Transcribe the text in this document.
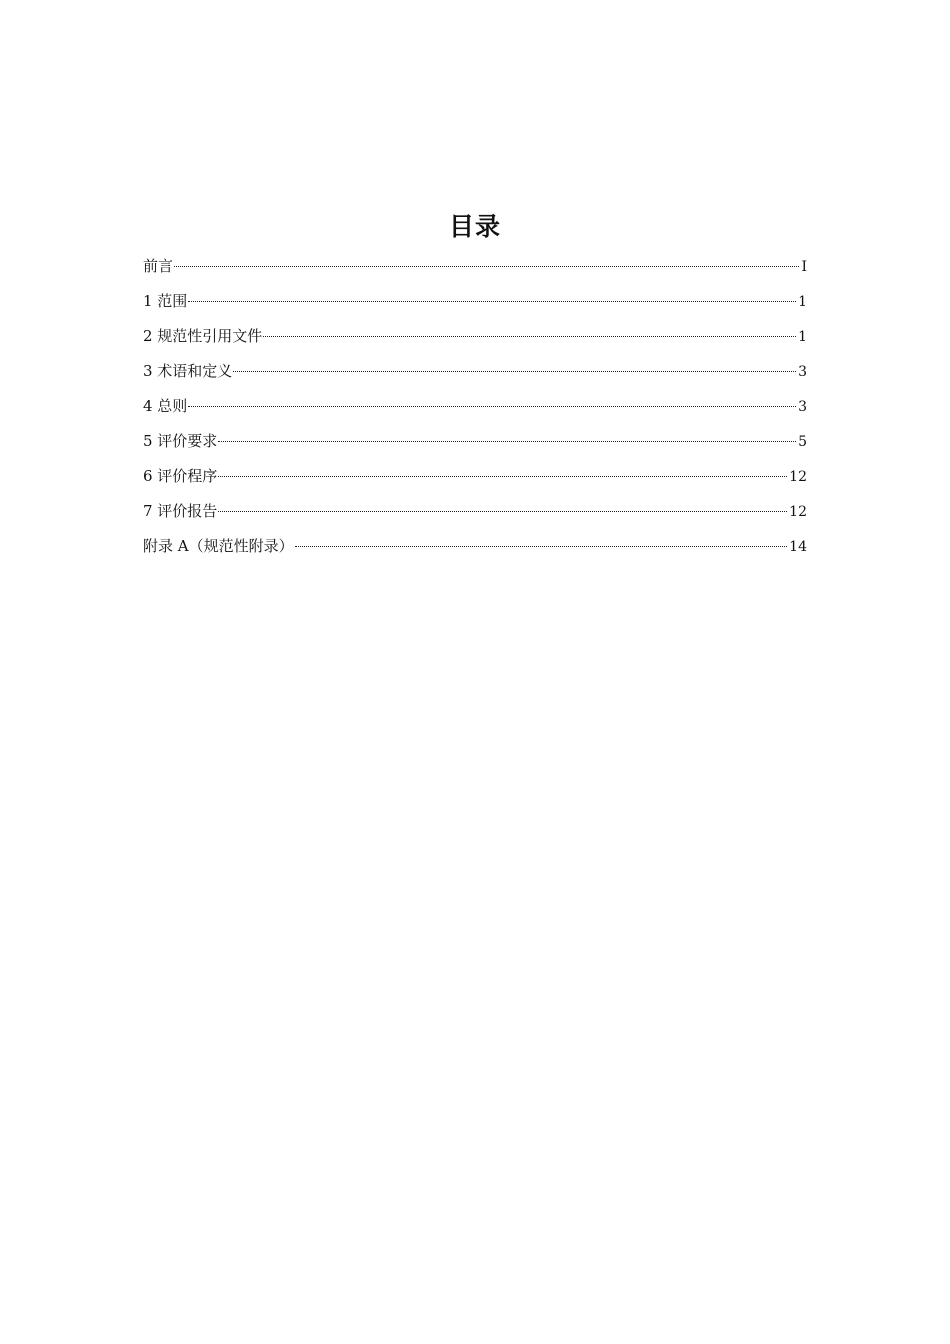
目录
前言	I
1 范围	1
2 规范性引用文件	1
3 术语和定义	3
4 总则	3
5 评价要求	5
6 评价程序	12
7 评价报告	12
附录 A（规范性附录）	14
